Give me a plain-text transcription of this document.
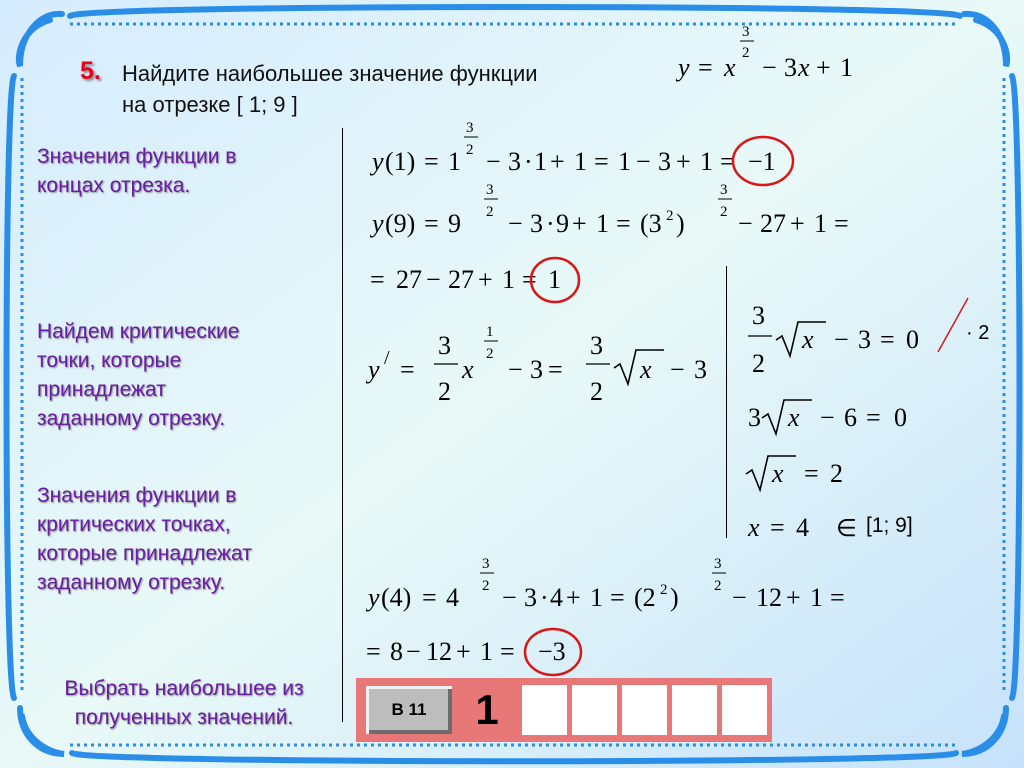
5. Найдите наибольшее значение функции
на отрезке [ 1; 9 ]
y = x
3
2 − 3 x + 1
Значения функции в
концах отрезка.
Найдем критические
точки, которые
принадлежат
заданному отрезку.
Значения функции в
критических точках,
которые принадлежат
заданному отрезку.
Выбрать наибольшее из
полученных значений.
y (1) = 1
3
2 − 3 · 1 + 1 = 1 − 3 + 1 = −1
y (9) = 9
3
2 − 3 · 9 + 1 = (3 2 )
3
2 − 27 + 1 =
= 27 − 27 + 1 = 1
y / =
3
2
x
1
2
− 3 =
3
2
x − 3
3
2
x − 3 = 0 · 2
3 x − 6 = 0
x = 2
x = 4 ∈ [1; 9]
y (4) = 4
3
2 − 3 · 4 + 1 = (2 2 )
3
2 − 12 + 1 =
= 8 − 12 + 1 = −3
B 11	1
